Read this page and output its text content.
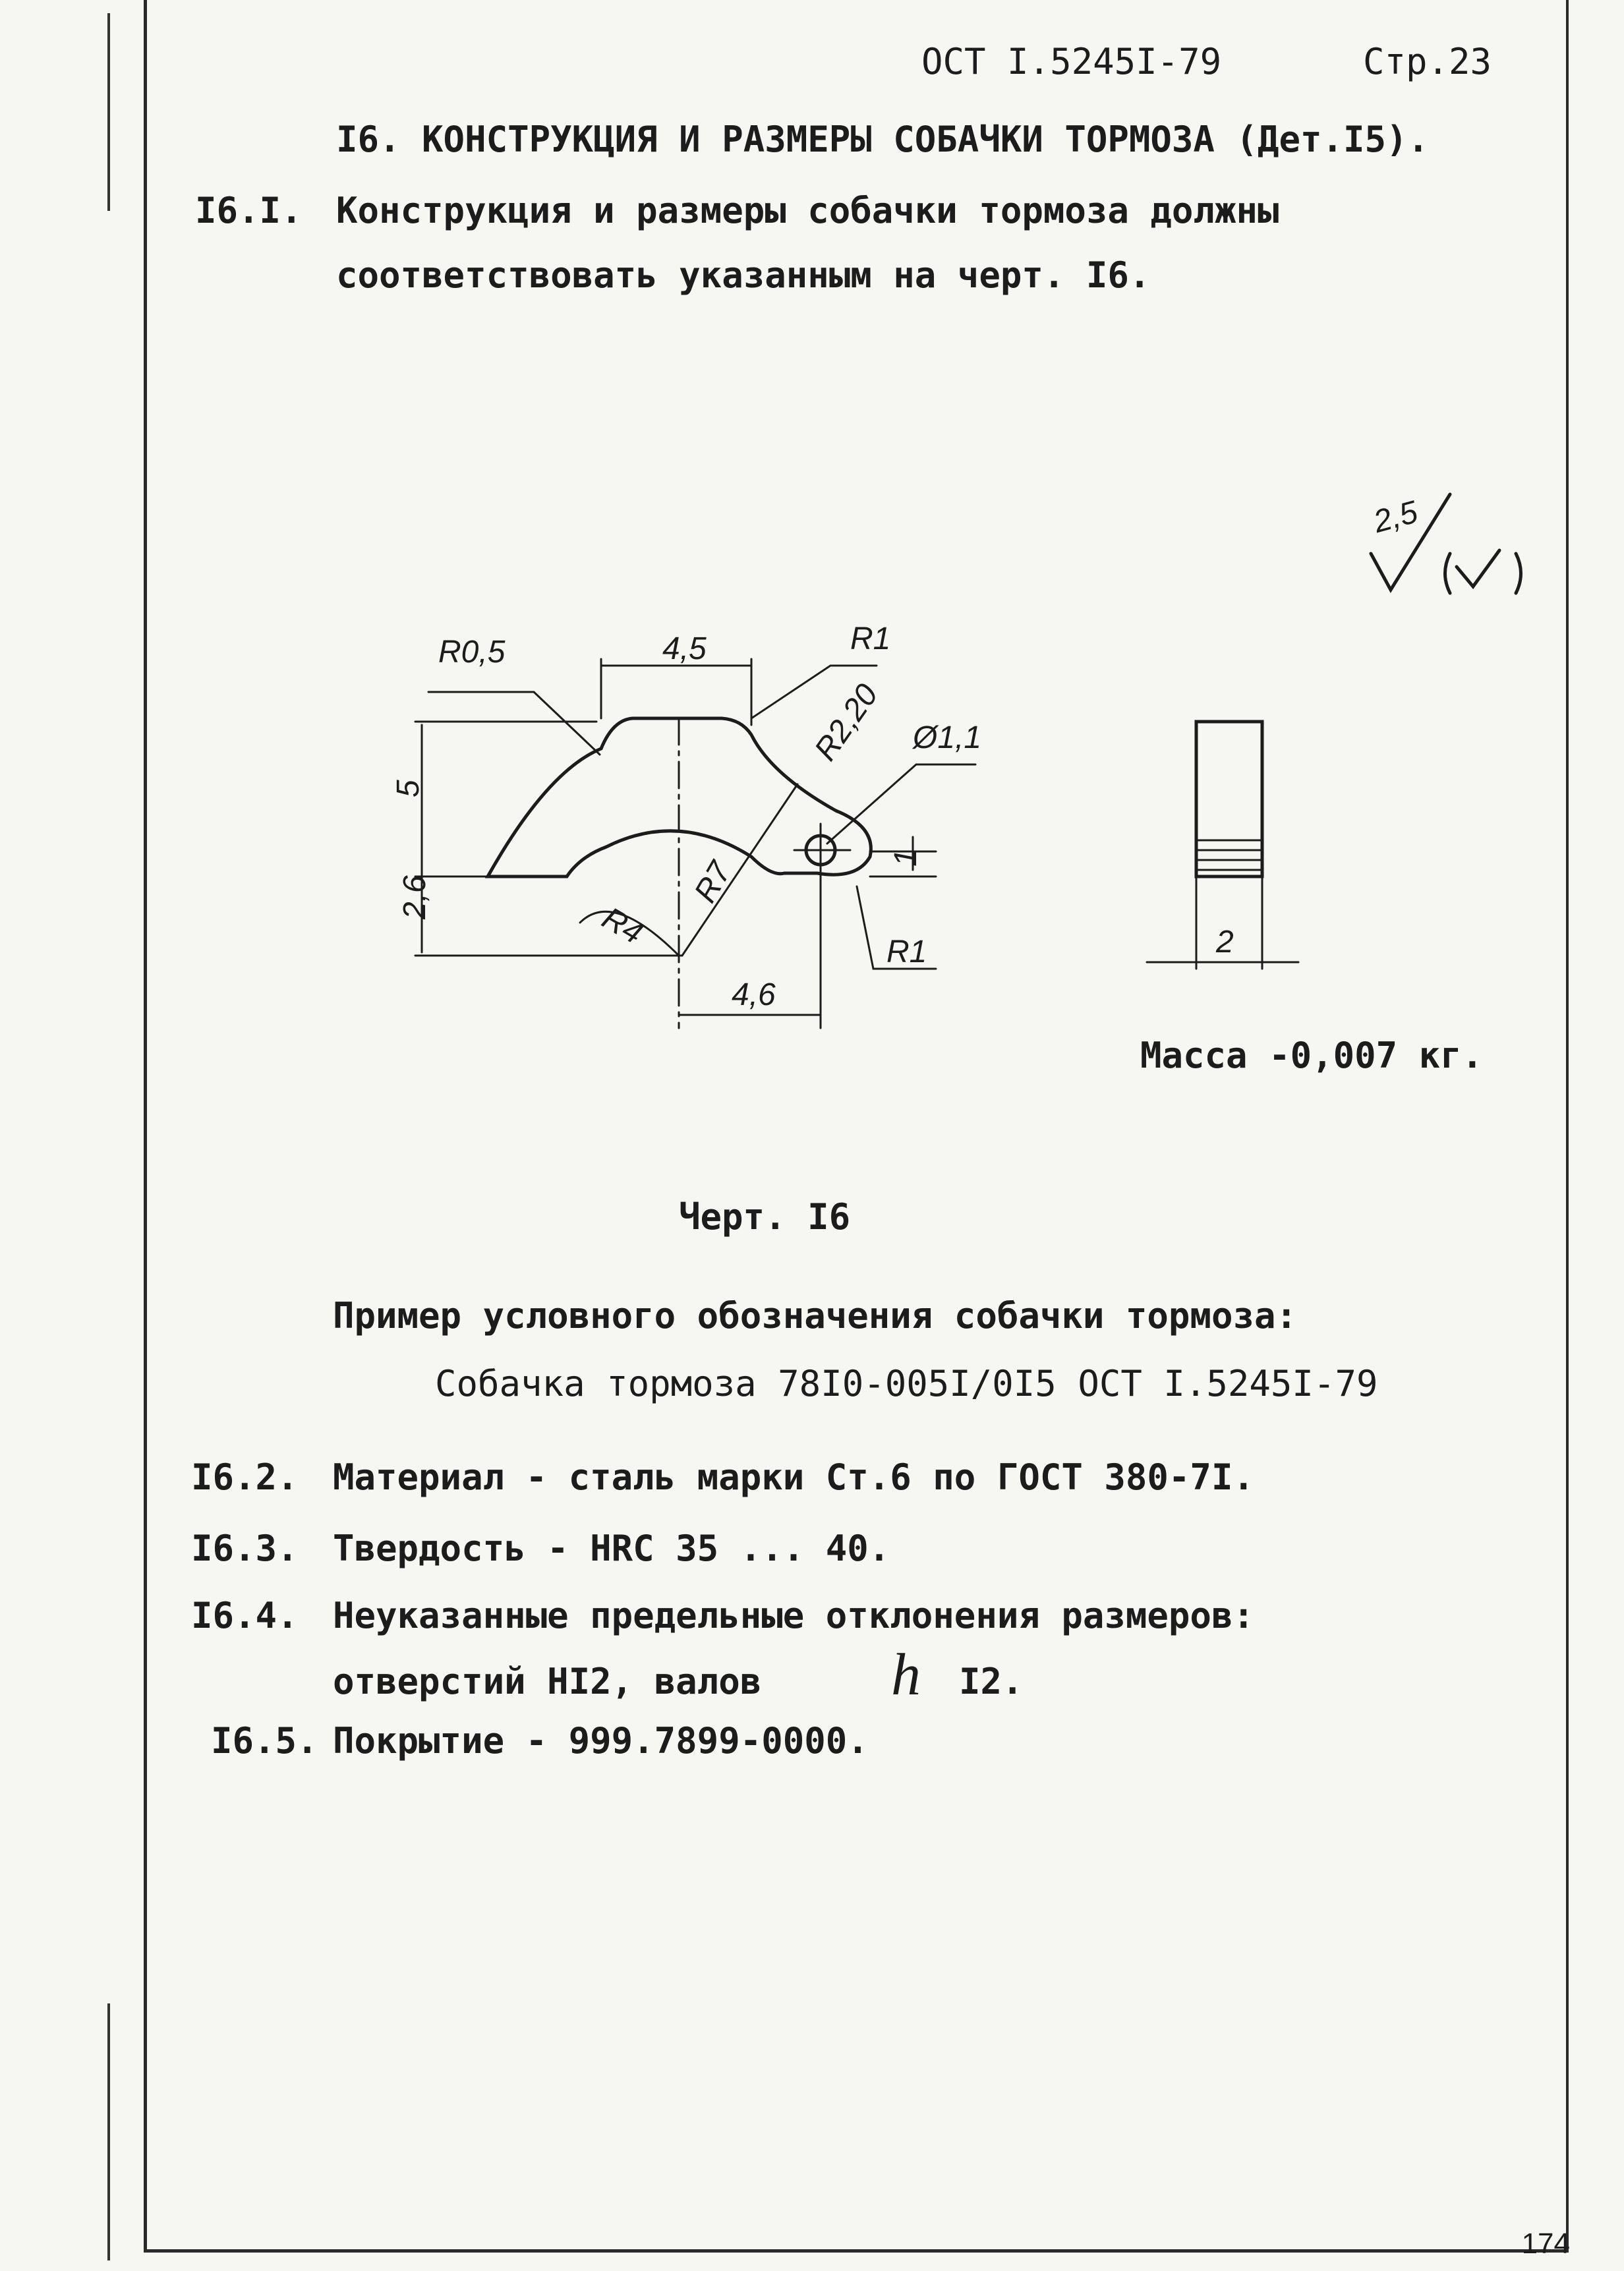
ОСТ I.5245I-79	Стр.23
I6. КОНСТРУКЦИЯ И РАЗМЕРЫ СОБАЧКИ ТОРМОЗА (Дет.I5).
I6.I. Конструкция и размеры собачки тормоза должны
соответствовать указанным на черт. I6.
R0,5	4,5	R1
R2,20 Ø1,1
5
2,6	R7
R4
4,6
1
R1	2
2,5
Масса -0,007 кг.
Черт. I6
Пример условного обозначения собачки тормоза:
Собачка тормоза 78I0-005I/0I5 ОСТ I.5245I-79
I6.2. Материал - сталь марки Ст.6 по ГОСТ 380-7I.
I6.3. Твердость - HRC 35 ... 40.
I6.4. Неуказанные предельные отклонения размеров:
отверстий HI2, валов h I2.
I6.5. Покрытие - 999.7899-0000.
174
